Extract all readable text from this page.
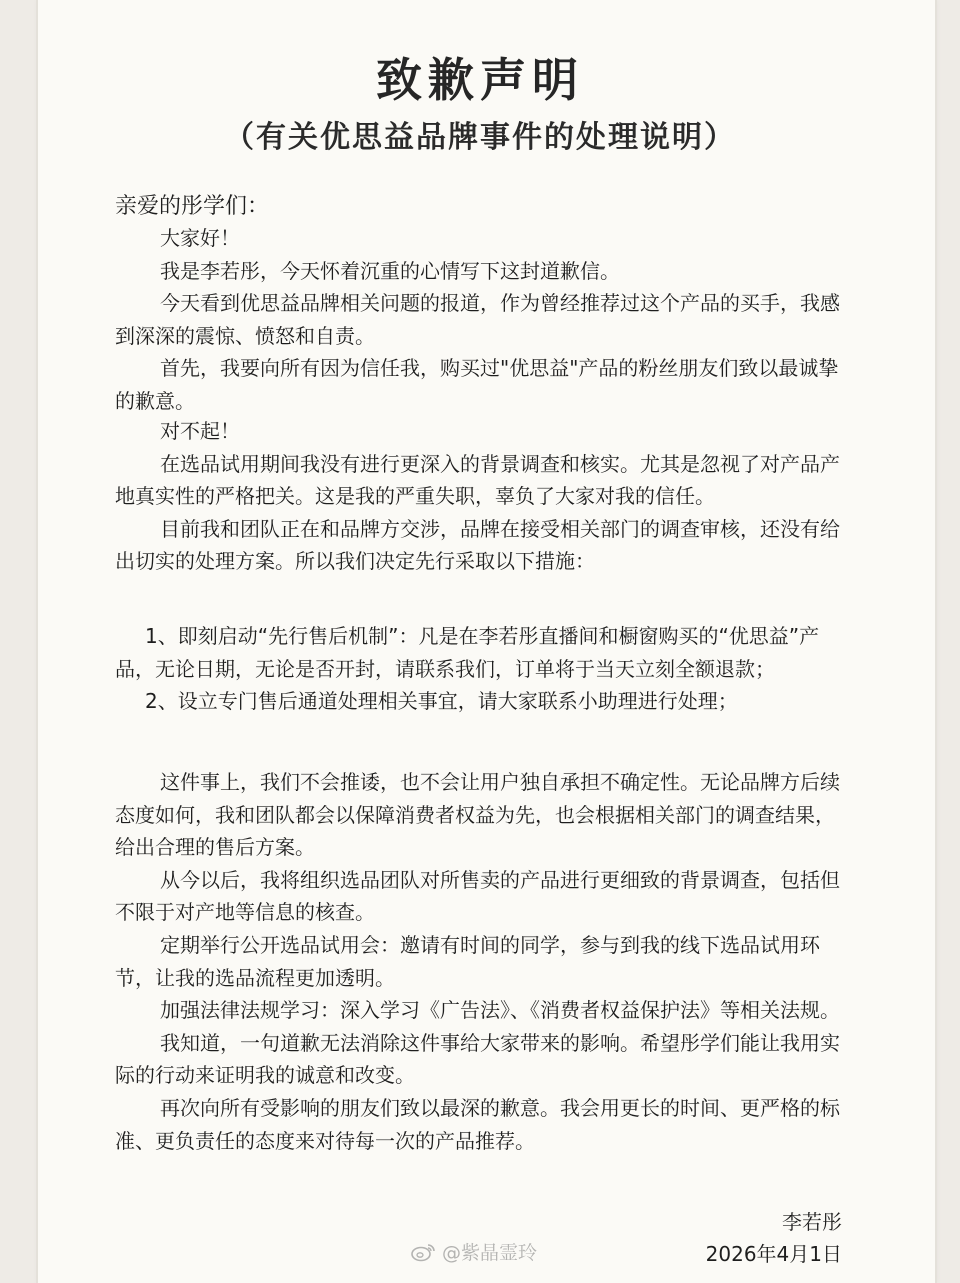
致歉声明
（有关优思益品牌事件的处理说明）
亲爱的彤学们：

大家好！

我是李若彤，今天怀着沉重的心情写下这封道歉信。

今天看到优思益品牌相关问题的报道，作为曾经推荐过这个产品的买手，我感到深深的震惊、愤怒和自责。

首先，我要向所有因为信任我，购买过"优思益"产品的粉丝朋友们致以最诚挚的歉意。

对不起！

在选品试用期间我没有进行更深入的背景调查和核实。尤其是忽视了对产品产地真实性的严格把关。这是我的严重失职，辜负了大家对我的信任。

目前我和团队正在和品牌方交涉，品牌在接受相关部门的调查审核，还没有给出切实的处理方案。所以我们决定先行采取以下措施：

1、即刻启动“先行售后机制”：凡是在李若彤直播间和橱窗购买的“优思益”产品，无论日期，无论是否开封，请联系我们，订单将于当天立刻全额退款；

2、设立专门售后通道处理相关事宜，请大家联系小助理进行处理；

这件事上，我们不会推诿，也不会让用户独自承担不确定性。无论品牌方后续态度如何，我和团队都会以保障消费者权益为先，也会根据相关部门的调查结果，给出合理的售后方案。

从今以后，我将组织选品团队对所售卖的产品进行更细致的背景调查，包括但不限于对产地等信息的核查。

定期举行公开选品试用会：邀请有时间的同学，参与到我的线下选品试用环节，让我的选品流程更加透明。

加强法律法规学习：深入学习《广告法》、《消费者权益保护法》等相关法规。

我知道，一句道歉无法消除这件事给大家带来的影响。希望彤学们能让我用实际的行动来证明我的诚意和改变。

再次向所有受影响的朋友们致以最深的歉意。我会用更长的时间、更严格的标准、更负责任的态度来对待每一次的产品推荐。

李若彤
2026年4月1日
@紫晶霊玲
